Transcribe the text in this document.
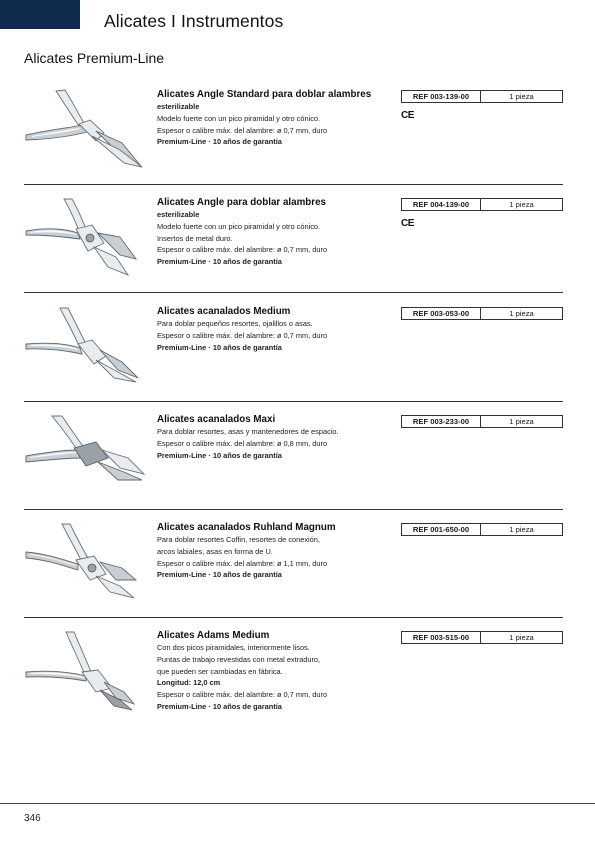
Alicates I Instrumentos
Alicates Premium-Line
Alicates Angle Standard para doblar alambres
esterilizable
Modelo fuerte con un pico piramidal y otro cónico.
Espesor o calibre máx. del alambre: ø 0,7 mm, duro
Premium-Line · 10 años de garantía
REF 003-139-00	1 pieza
CE
Alicates Angle para doblar alambres
esterilizable
Modelo fuerte con un pico piramidal y otro cónico.
Insertos de metal duro.
Espesor o calibre máx. del alambre: ø 0,7 mm, duro
Premium-Line · 10 años de garantía
REF 004-139-00	1 pieza
CE
Alicates acanalados Medium
Para doblar pequeños resortes, ojalillos o asas.
Espesor o calibre máx. del alambre: ø 0,7 mm, duro
Premium-Line · 10 años de garantía
REF 003-053-00	1 pieza
Alicates acanalados Maxi
Para doblar resortes, asas y mantenedores de espacio.
Espesor o calibre máx. del alambre: ø 0,8 mm, duro
Premium-Line · 10 años de garantía
REF 003-233-00	1 pieza
Alicates acanalados Ruhland Magnum
Para doblar resortes Coffin, resortes de conexión,
arcos labiales, asas en forma de U.
Espesor o calibre máx. del alambre: ø 1,1 mm, duro
Premium-Line · 10 años de garantía
REF 001-650-00	1 pieza
Alicates Adams Medium
Con dos picos piramidales, interiormente lisos.
Puntas de trabajo revestidas con metal extraduro,
que pueden ser cambiadas en fábrica.
Longitud: 12,0 cm
Espesor o calibre máx. del alambre: ø 0,7 mm, duro
Premium-Line · 10 años de garantía
REF 003-515-00	1 pieza
346
